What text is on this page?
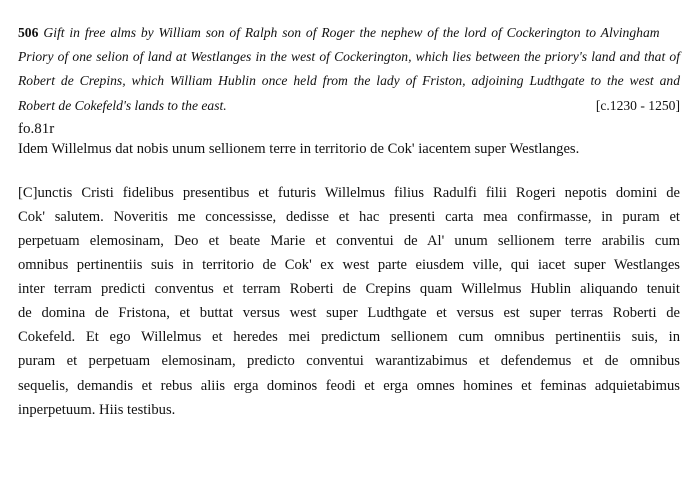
506 Gift in free alms by William son of Ralph son of Roger the nephew of the lord of Cockerington to Alvingham
Priory of one selion of land at Westlanges in the west of Cockerington, which lies between the priory's land and that of
Robert de Crepins, which William Hublin once held from the lady of Friston, adjoining Ludthgate to the west and
Robert de Cokefeld's lands to the east.	[c.1230 - 1250]
fo.81r
Idem Willelmus dat nobis unum sellionem terre in territorio de Cok' iacentem super Westlanges.
[C]unctis Cristi fidelibus presentibus et futuris Willelmus filius Radulfi filii Rogeri nepotis domini de
Cok' salutem. Noveritis me concessisse, dedisse et hac presenti carta mea confirmasse, in puram et
perpetuam elemosinam, Deo et beate Marie et conventui de Al' unum sellionem terre arabilis cum
omnibus pertinentiis suis in territorio de Cok' ex west parte eiusdem ville, qui iacet super Westlanges
inter terram predicti conventus et terram Roberti de Crepins quam Willelmus Hublin aliquando tenuit
de domina de Fristona, et buttat versus west super Ludthgate et versus est super terras Roberti de
Cokefeld. Et ego Willelmus et heredes mei predictum sellionem cum omnibus pertinentiis suis, in
puram et perpetuam elemosinam, predicto conventui warantizabimus et defendemus et de omnibus
sequelis, demandis et rebus aliis erga dominos feodi et erga omnes homines et feminas adquietabimus
inperpetuum. Hiis testibus.
